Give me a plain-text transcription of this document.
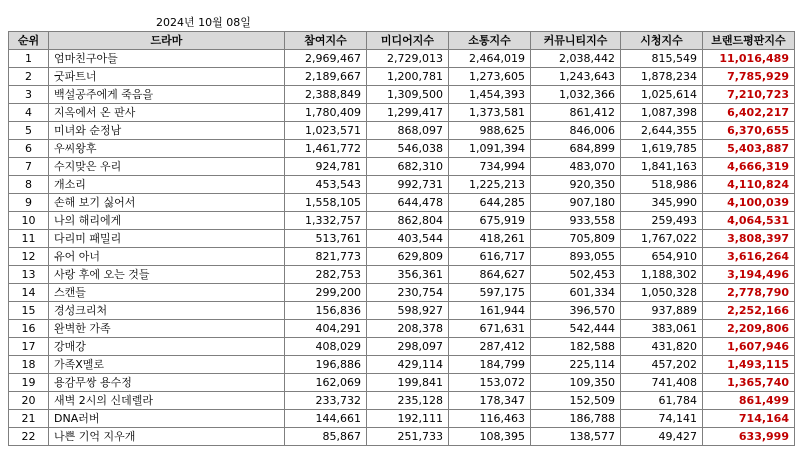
2024년 10월 08일
순위	드라마	참여지수	미디어지수	소통지수	커뮤니티지수	시청지수	브랜드평판지수
1	엄마친구아들	2,969,467	2,729,013	2,464,019	2,038,442	815,549	11,016,489
2	굿파트너	2,189,667	1,200,781	1,273,605	1,243,643	1,878,234	7,785,929
3	백설공주에게 죽음을	2,388,849	1,309,500	1,454,393	1,032,366	1,025,614	7,210,723
4	지옥에서 온 판사	1,780,409	1,299,417	1,373,581	861,412	1,087,398	6,402,217
5	미녀와 순정남	1,023,571	868,097	988,625	846,006	2,644,355	6,370,655
6	우씨왕후	1,461,772	546,038	1,091,394	684,899	1,619,785	5,403,887
7	수지맞은 우리	924,781	682,310	734,994	483,070	1,841,163	4,666,319
8	개소리	453,543	992,731	1,225,213	920,350	518,986	4,110,824
9	손해 보기 싫어서	1,558,105	644,478	644,285	907,180	345,990	4,100,039
10	나의 해리에게	1,332,757	862,804	675,919	933,558	259,493	4,064,531
11	다리미 패밀리	513,761	403,544	418,261	705,809	1,767,022	3,808,397
12	유어 아너	821,773	629,809	616,717	893,055	654,910	3,616,264
13	사랑 후에 오는 것들	282,753	356,361	864,627	502,453	1,188,302	3,194,496
14	스캔들	299,200	230,754	597,175	601,334	1,050,328	2,778,790
15	경성크리처	156,836	598,927	161,944	396,570	937,889	2,252,166
16	완벽한 가족	404,291	208,378	671,631	542,444	383,061	2,209,806
17	강매강	408,029	298,097	287,412	182,588	431,820	1,607,946
18	가족X멜로	196,886	429,114	184,799	225,114	457,202	1,493,115
19	용감무쌍 용수정	162,069	199,841	153,072	109,350	741,408	1,365,740
20	새벽 2시의 신데렐라	233,732	235,128	178,347	152,509	61,784	861,499
21	DNA러버	144,661	192,111	116,463	186,788	74,141	714,164
22	나쁜 기억 지우개	85,867	251,733	108,395	138,577	49,427	633,999
